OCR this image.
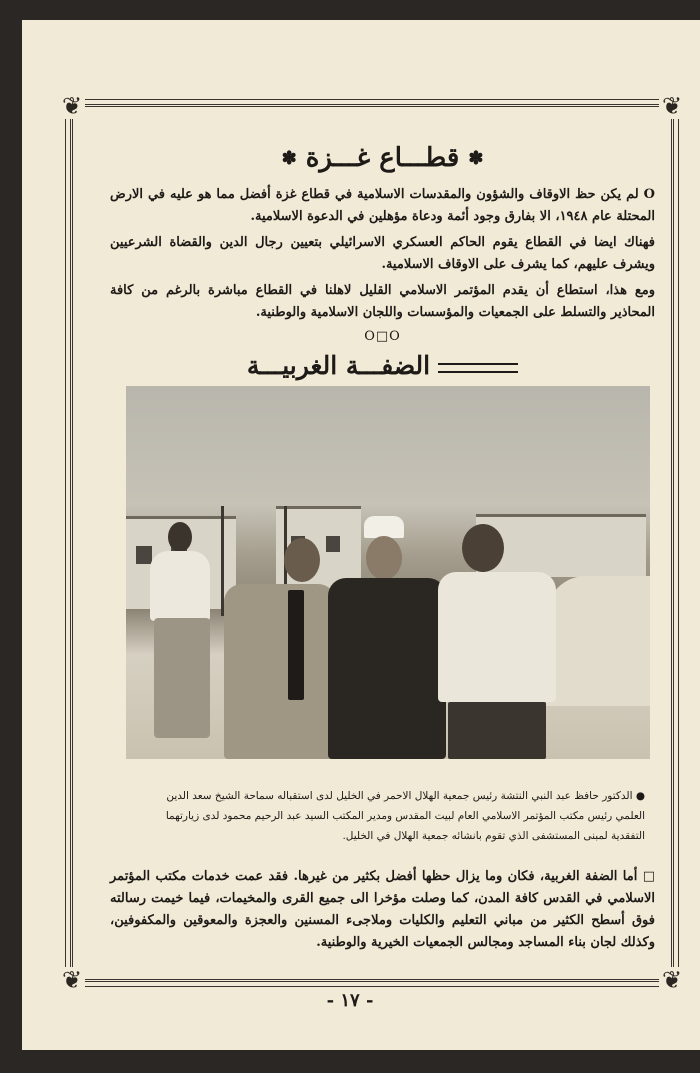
❦	❦
❦	❦
✽ قطـــاع غـــزة ✽

O لم يكن حظ الاوقاف والشؤون والمقدسات الاسلامية في قطاع غزة أفضل مما هو عليه في الارض المحتلة عام ١٩٤٨، الا بفارق وجود أئمة ودعاة مؤهلين في الدعوة الاسلامية.

فهناك ايضا في القطاع يقوم الحاكم العسكري الاسرائيلي بتعيين رجال الدين والقضاة الشرعيين ويشرف عليهم، كما يشرف على الاوقاف الاسلامية.

ومع هذا، استطاع أن يقدم المؤتمر الاسلامي القليل لاهلنا في القطاع مباشرة بالرغم من كافة المحاذير والتسلط على الجمعيات والمؤسسات واللجان الاسلامية والوطنية.

O□O
الضفـــة الغربيـــة
● الدكتور حافظ عبد النبي النتشة رئيس جمعية الهلال الاحمر في الخليل لدى استقباله سماحة الشيخ سعد الدين العلمي رئيس مكتب المؤتمر الاسلامي العام لبيت المقدس ومدير المكتب السيد عبد الرحيم محمود لدى زيارتهما التفقدية لمبنى المستشفى الذي تقوم بانشائه جمعية الهلال في الخليل.
□ أما الضفة الغربية، فكان وما يزال حظها أفضل بكثير من غيرها. فقد عمت خدمات مكتب المؤتمر الاسلامي في القدس كافة المدن، كما وصلت مؤخرا الى جميع القرى والمخيمات، فيما خيمت رسالته فوق أسطح الكثير من مباني التعليم والكليات وملاجىء المسنين والعجزة والمعوقين والمكفوفين، وكذلك لجان بناء المساجد ومجالس الجمعيات الخيرية والوطنية.
- ١٧ -
